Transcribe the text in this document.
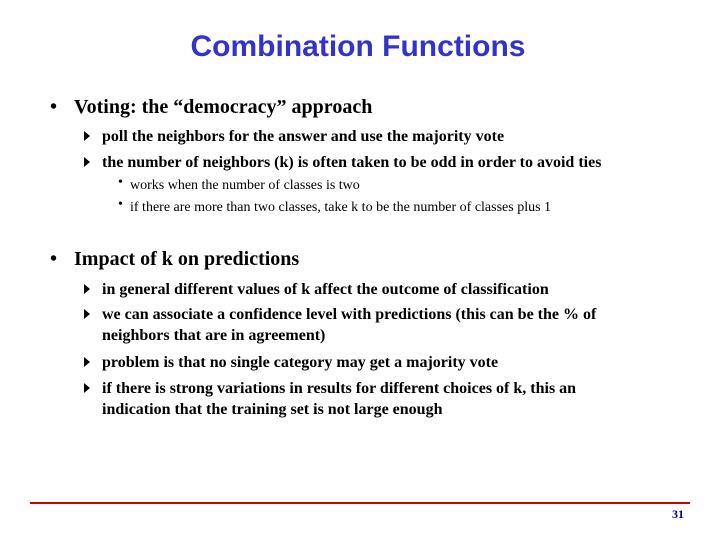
Combination Functions
• Voting: the “democracy” approach
poll the neighbors for the answer and use the majority vote
the number of neighbors (k) is often taken to be odd in order to avoid ties
• works when the number of classes is two
• if there are more than two classes, take k to be the number of classes plus 1
• Impact of k on predictions
in general different values of k affect the outcome of classification
we can associate a confidence level with predictions (this can be the % of neighbors that are in agreement)
problem is that no single category may get a majority vote
if there is strong variations in results for different choices of k, this an indication that the training set is not large enough
31
